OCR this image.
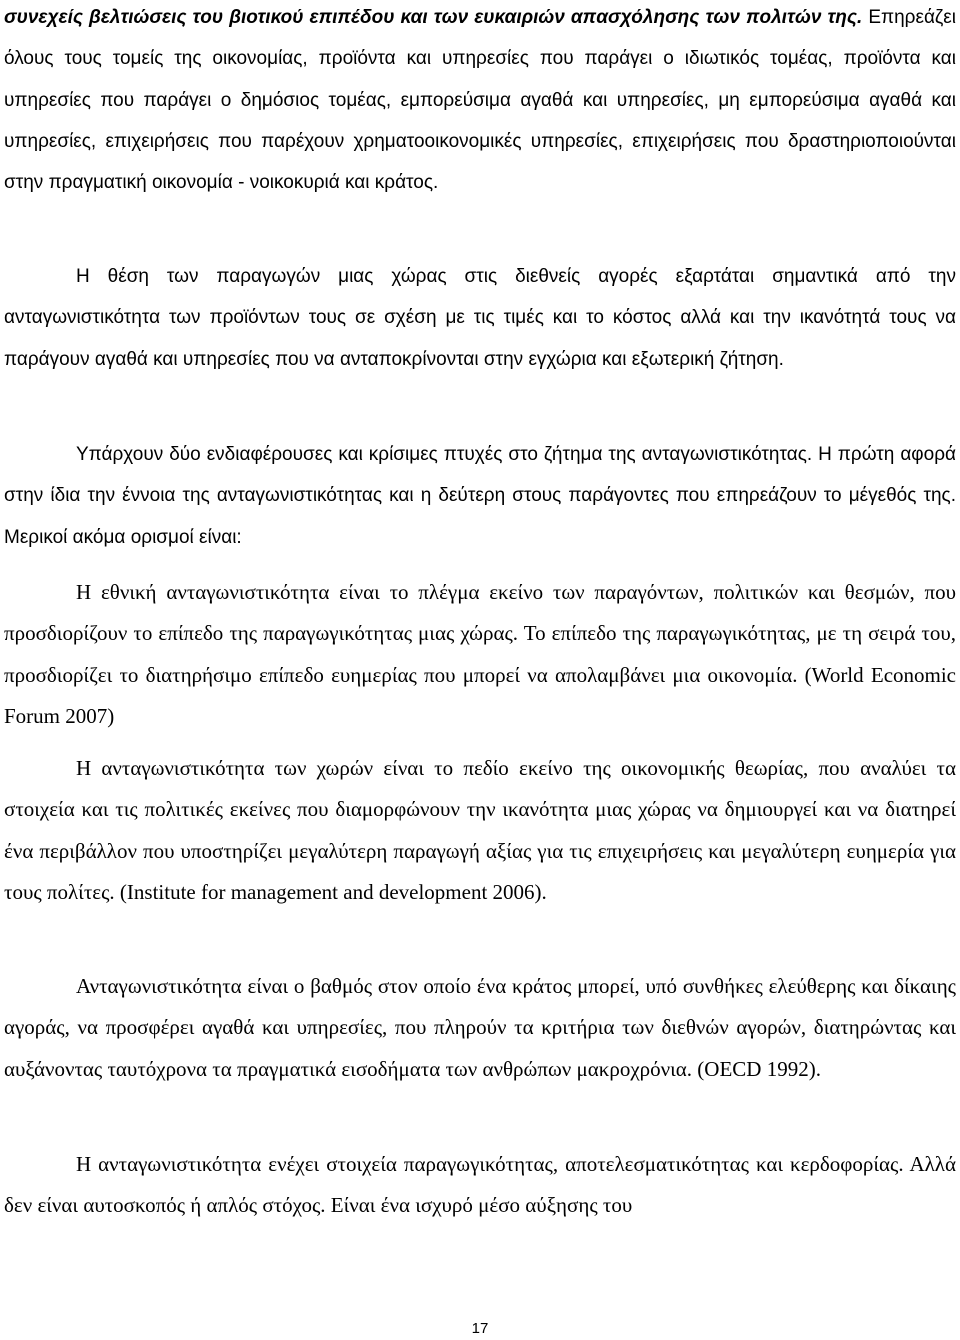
συνεχείς βελτιώσεις του βιοτικού επιπέδου και των ευκαιριών απασχόλησης των πολιτών της. Επηρεάζει όλους τους τομείς της οικονομίας, προϊόντα και υπηρεσίες που παράγει ο ιδιωτικός τομέας, προϊόντα και υπηρεσίες που παράγει ο δημόσιος τομέας, εμπορεύσιμα αγαθά και υπηρεσίες, μη εμπορεύσιμα αγαθά και υπηρεσίες, επιχειρήσεις που παρέχουν χρηματοοικονομικές υπηρεσίες, επιχειρήσεις που δραστηριοποιούνται στην πραγματική οικονομία - νοικοκυριά και κράτος.

Η θέση των παραγωγών μιας χώρας στις διεθνείς αγορές εξαρτάται σημαντικά από την ανταγωνιστικότητα των προϊόντων τους σε σχέση με τις τιμές και το κόστος αλλά και την ικανότητά τους να παράγουν αγαθά και υπηρεσίες που να ανταποκρίνονται στην εγχώρια και εξωτερική ζήτηση.

Υπάρχουν δύο ενδιαφέρουσες και κρίσιμες πτυχές στο ζήτημα της ανταγωνιστικότητας. Η πρώτη αφορά στην ίδια την έννοια της ανταγωνιστικότητας και η δεύτερη στους παράγοντες που επηρεάζουν το μέγεθός της. Μερικοί ακόμα ορισμοί είναι:

Η εθνική ανταγωνιστικότητα είναι το πλέγμα εκείνο των παραγόντων, πολιτικών και θεσμών, που προσδιορίζουν το επίπεδο της παραγωγικότητας μιας χώρας. Το επίπεδο της παραγωγικότητας, με τη σειρά του, προσδιορίζει το διατηρήσιμο επίπεδο ευημερίας που μπορεί να απολαμβάνει μια οικονομία. (World Economic Forum 2007)

Η ανταγωνιστικότητα των χωρών είναι το πεδίο εκείνο της οικονομικής θεωρίας, που αναλύει τα στοιχεία και τις πολιτικές εκείνες που διαμορφώνουν την ικανότητα μιας χώρας να δημιουργεί και να διατηρεί ένα περιβάλλον που υποστηρίζει μεγαλύτερη παραγωγή αξίας για τις επιχειρήσεις και μεγαλύτερη ευημερία για τους πολίτες. (Institute for management and development 2006).

Ανταγωνιστικότητα είναι ο βαθμός στον οποίο ένα κράτος μπορεί, υπό συνθήκες ελεύθερης και δίκαιης αγοράς, να προσφέρει αγαθά και υπηρεσίες, που πληρούν τα κριτήρια των διεθνών αγορών, διατηρώντας και αυξάνοντας ταυτόχρονα τα πραγματικά εισοδήματα των ανθρώπων μακροχρόνια. (OECD 1992).

Η ανταγωνιστικότητα ενέχει στοιχεία παραγωγικότητας, αποτελεσματικότητας και κερδοφορίας. Αλλά δεν είναι αυτοσκοπός ή απλός στόχος. Είναι ένα ισχυρό μέσο αύξησης του

17
